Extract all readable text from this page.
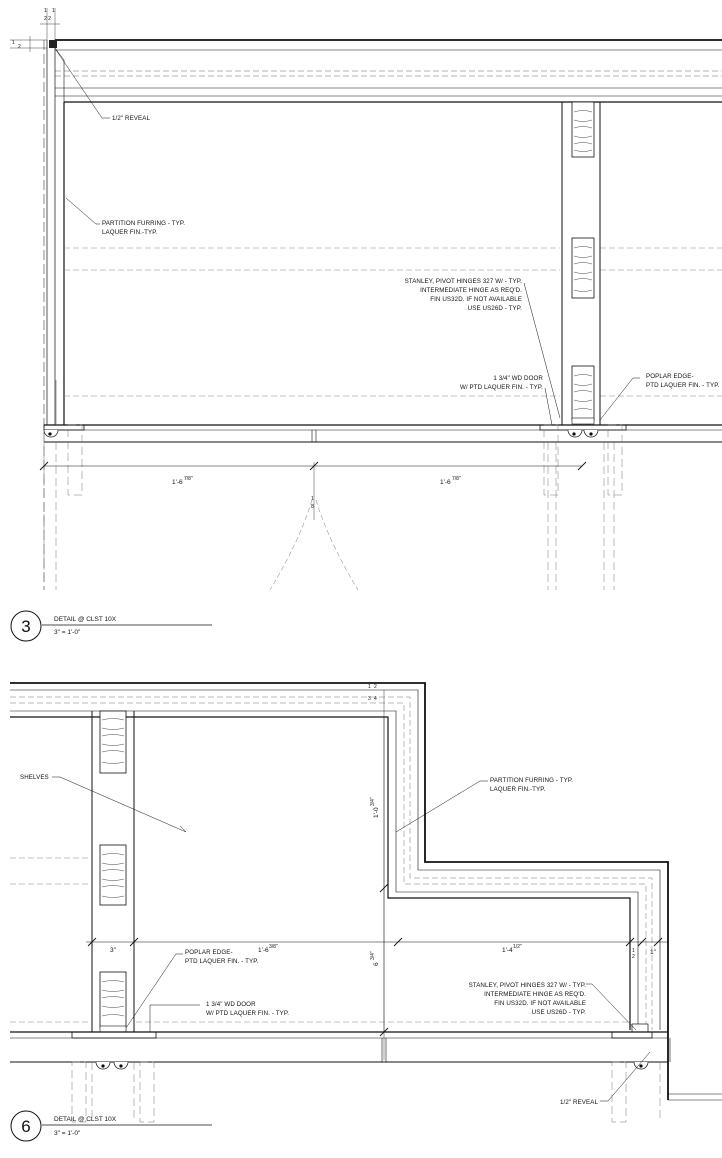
1'-6 7/8"	1'-6 7/8"
1
8
1 1
2 2
1
2
1/2" REVEAL
PARTITION FURRING - TYP.
LAQUER FIN.-TYP.
STANLEY, PIVOT HINGES 327 W/ - TYP.
INTERMEDIATE HINGE AS REQ'D.
FIN US32D. IF NOT AVAILABLE
USE US26D - TYP.
1 3/4" WD DOOR
W/ PTD LAQUER FIN. - TYP.
POPLAR EDGE-
PTD LAQUER FIN. - TYP.
3	DETAIL @ CLST 10X
3" = 1'-0"
3"	1'-6 3/8"	1'-4 1/2"
1"
1
2
1'-0
3/4"
6
3/4"
1 2
3 4
SHELVES	PARTITION FURRING - TYP.
LAQUER FIN.-TYP.
POPLAR EDGE-
PTD LAQUER FIN. - TYP.
1 3/4" WD DOOR
W/ PTD LAQUER FIN. - TYP.
STANLEY, PIVOT HINGES 327 W/ - TYP.
INTERMEDIATE HINGE AS REQ'D.
FIN US32D. IF NOT AVAILABLE
USE US26D - TYP.
1/2" REVEAL
6	DETAIL @ CLST 10X
3" = 1'-0"
